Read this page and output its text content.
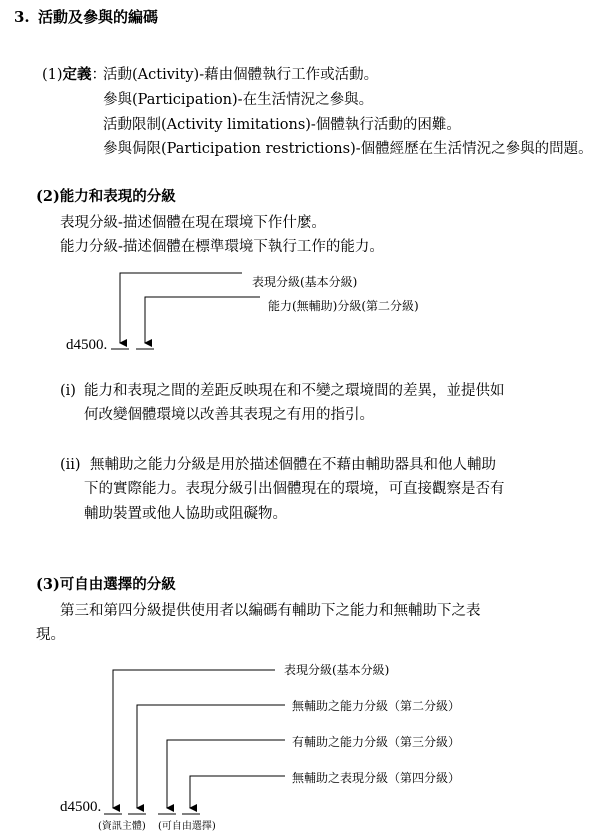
3. 活動及參與的編碼
(1)定義：
活動(Activity)-藉由個體執行工作或活動。
參與(Participation)-在生活情況之參與。
活動限制(Activity limitations)-個體執行活動的困難。
參與侷限(Participation restrictions)-個體經歷在生活情況之參與的問題。
(2)能力和表現的分級
表現分級-描述個體在現在環境下作什麼。
能力分級-描述個體在標準環境下執行工作的能力。
表現分級(基本分級)
能力(無輔助)分級(第二分級)
d4500.
(i) 能力和表現之間的差距反映現在和不變之環境間的差異，並提供如
何改變個體環境以改善其表現之有用的指引。
(ii) 無輔助之能力分級是用於描述個體在不藉由輔助器具和他人輔助
下的實際能力。表現分級引出個體現在的環境，可直接觀察是否有
輔助裝置或他人協助或阻礙物。
(3)可自由選擇的分級
第三和第四分級提供使用者以編碼有輔助下之能力和無輔助下之表
現。
表現分級(基本分級)
無輔助之能力分級（第二分級）
有輔助之能力分級（第三分級）
無輔助之表現分級（第四分級）
d4500.
(資訊主體) (可自由選擇)
